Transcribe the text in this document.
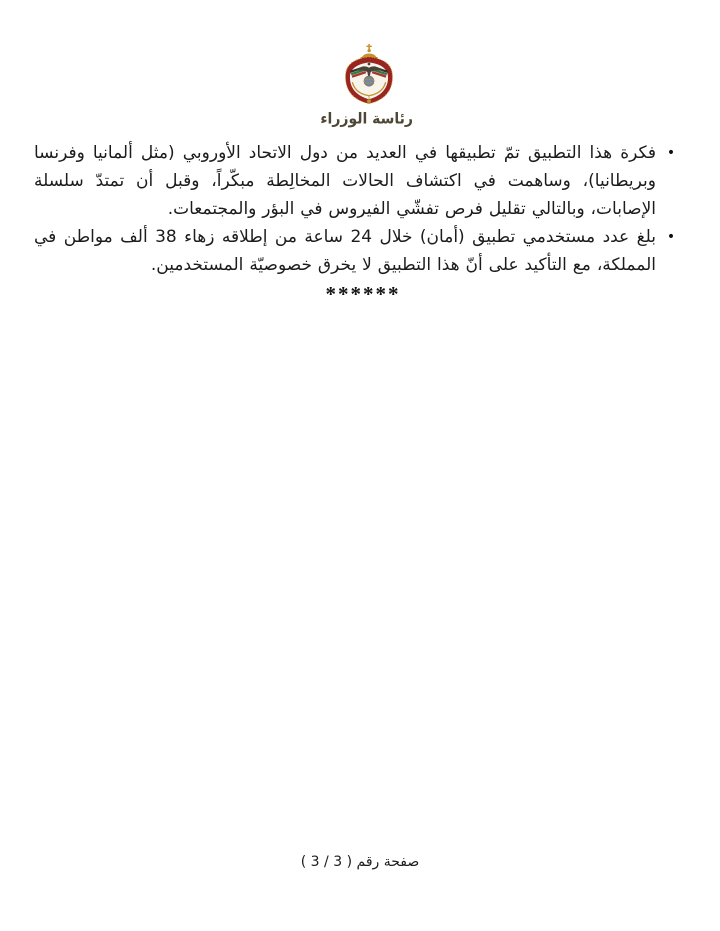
رئاسة الوزراء
•

فكرة هذا التطبيق تمّ تطبيقها في العديد من دول الاتحاد الأوروبي (مثل ألمانيا وفرنسا وبريطانيا)، وساهمت في اكتشاف الحالات المخالِطة مبكّراً، وقبل أن تمتدّ سلسلة الإصابات، وبالتالي تقليل فرص تفشّي الفيروس في البؤر والمجتمعات.

•

بلغ عدد مستخدمي تطبيق (أمان) خلال 24 ساعة من إطلاقه زهاء 38 ألف مواطن في المملكة، مع التأكيد على أنّ هذا التطبيق لا يخرق خصوصيّة المستخدمين.

******
صفحة رقم ( 3 / 3 )
